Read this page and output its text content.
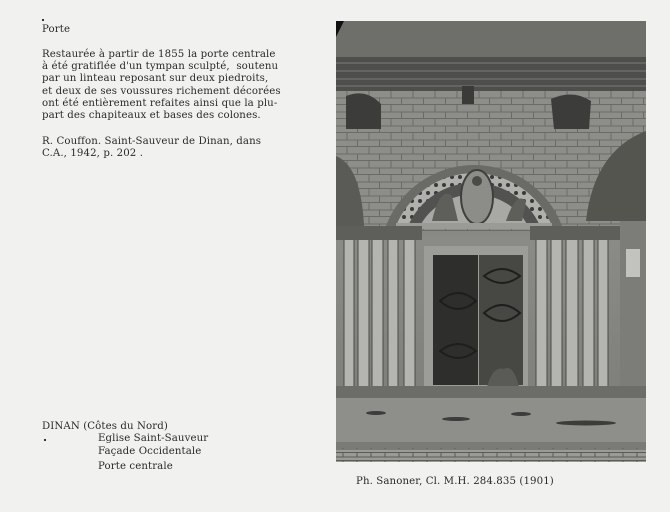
Porte
Restaurée à partir de 1855 la porte centrale
à été gratiflée d'un tympan sculpté,  soutenu
par un linteau reposant sur deux piedroits,
et deux de ses voussures richement décorées
ont été entièrement refaites ainsi que la plu-
part des chapiteaux et bases des colones.
R. Couffon. Saint-Sauveur de Dinan, dans
C.A., 1942, p. 202 .
DINAN (Côtes du Nord)
Eglise Saint-Sauveur
Façade Occidentale
Porte centrale
Ph. Sanoner, Cl. M.H. 284.835 (1901)
